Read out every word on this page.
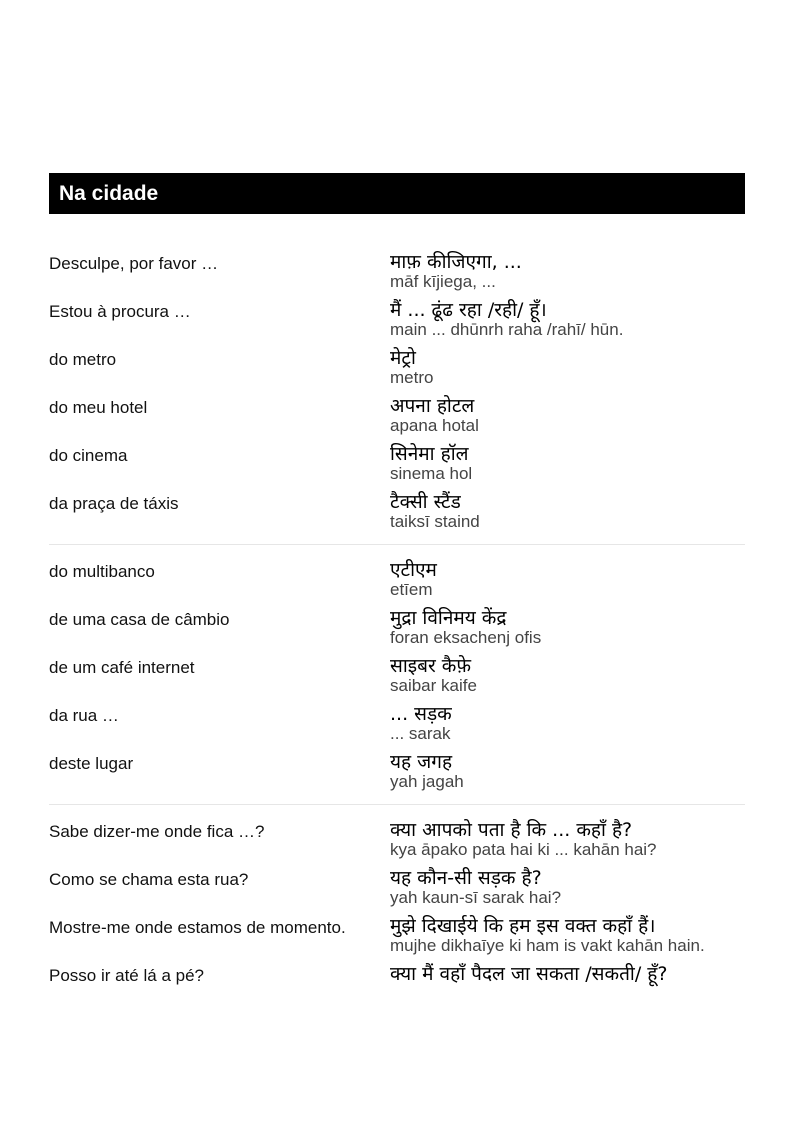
Na cidade
Desculpe, por favor …	माफ़ कीजिएगा, ...
māf kījiega, ...
Estou à procura …	मैं ... ढूंढ रहा /रही/ हूँ।
main ... dhūnrh raha /rahī/ hūn.
do metro	मेट्रो
metro
do meu hotel	अपना होटल
apana hotal
do cinema	सिनेमा हॉल
sinema hol
da praça de táxis	टैक्सी स्टैंड
taiksī staind
do multibanco	एटीएम
etīem
de uma casa de câmbio	मुद्रा विनिमय केंद्र
foran eksachenj ofis
de um café internet	साइबर कैफ़े
saibar kaife
da rua …	... सड़क
... sarak
deste lugar	यह जगह
yah jagah
Sabe dizer-me onde fica …?	क्या आपको पता है कि ... कहाँ है?
kya āpako pata hai ki ... kahān hai?
Como se chama esta rua?	यह कौन-सी सड़क है?
yah kaun-sī sarak hai?
Mostre-me onde estamos de momento.	मुझे दिखाईये कि हम इस वक्त कहाँ हैं।
mujhe dikhaīye ki ham is vakt kahān hain.
Posso ir até lá a pé?	क्या मैं वहाँ पैदल जा सकता /सकती/ हूँ?
